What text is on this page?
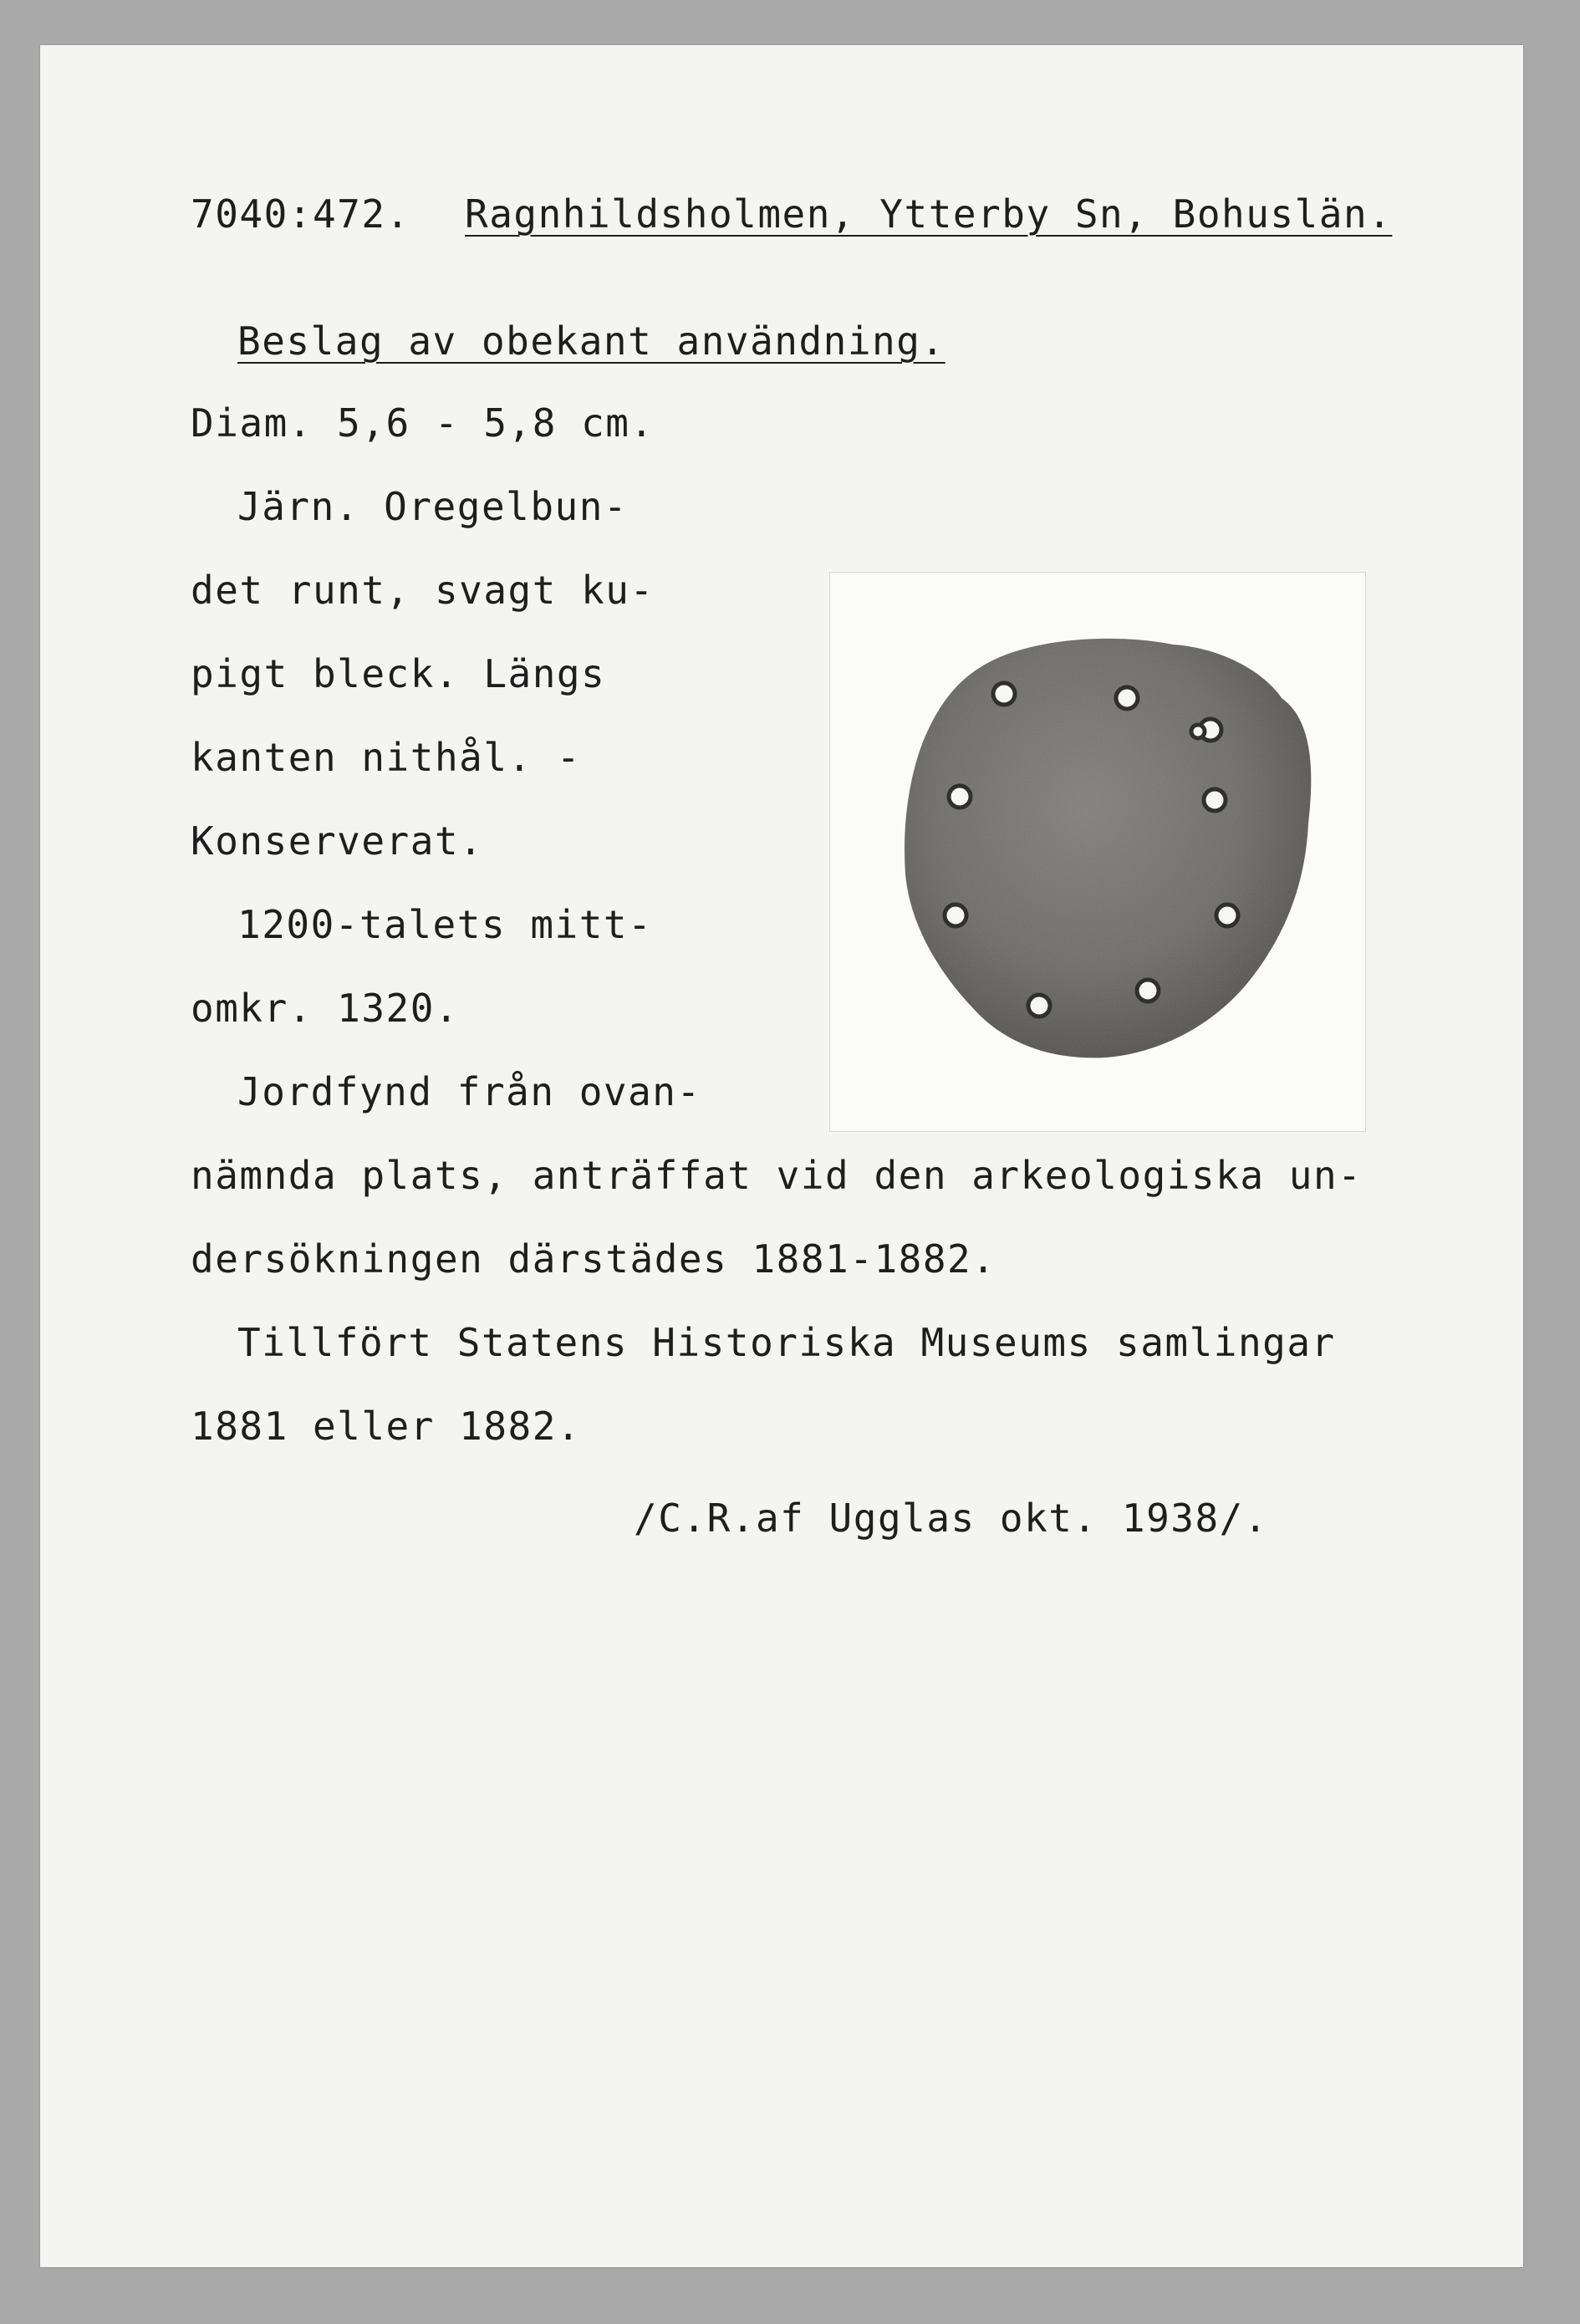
7040:472. Ragnhildsholmen, Ytterby Sn, Bohuslän.

Beslag av obekant användning.

Diam. 5,6 - 5,8 cm.

Järn. Oregelbun-

det runt, svagt ku-

pigt bleck. Längs

kanten nithål. -

Konserverat.

1200-talets mitt-

omkr. 1320.

Jordfynd från ovan-

nämnda plats, anträffat vid den arkeologiska un-

dersökningen därstädes 1881-1882.

Tillfört Statens Historiska Museums samlingar

1881 eller 1882.

/C.R.af Ugglas okt. 1938/.
